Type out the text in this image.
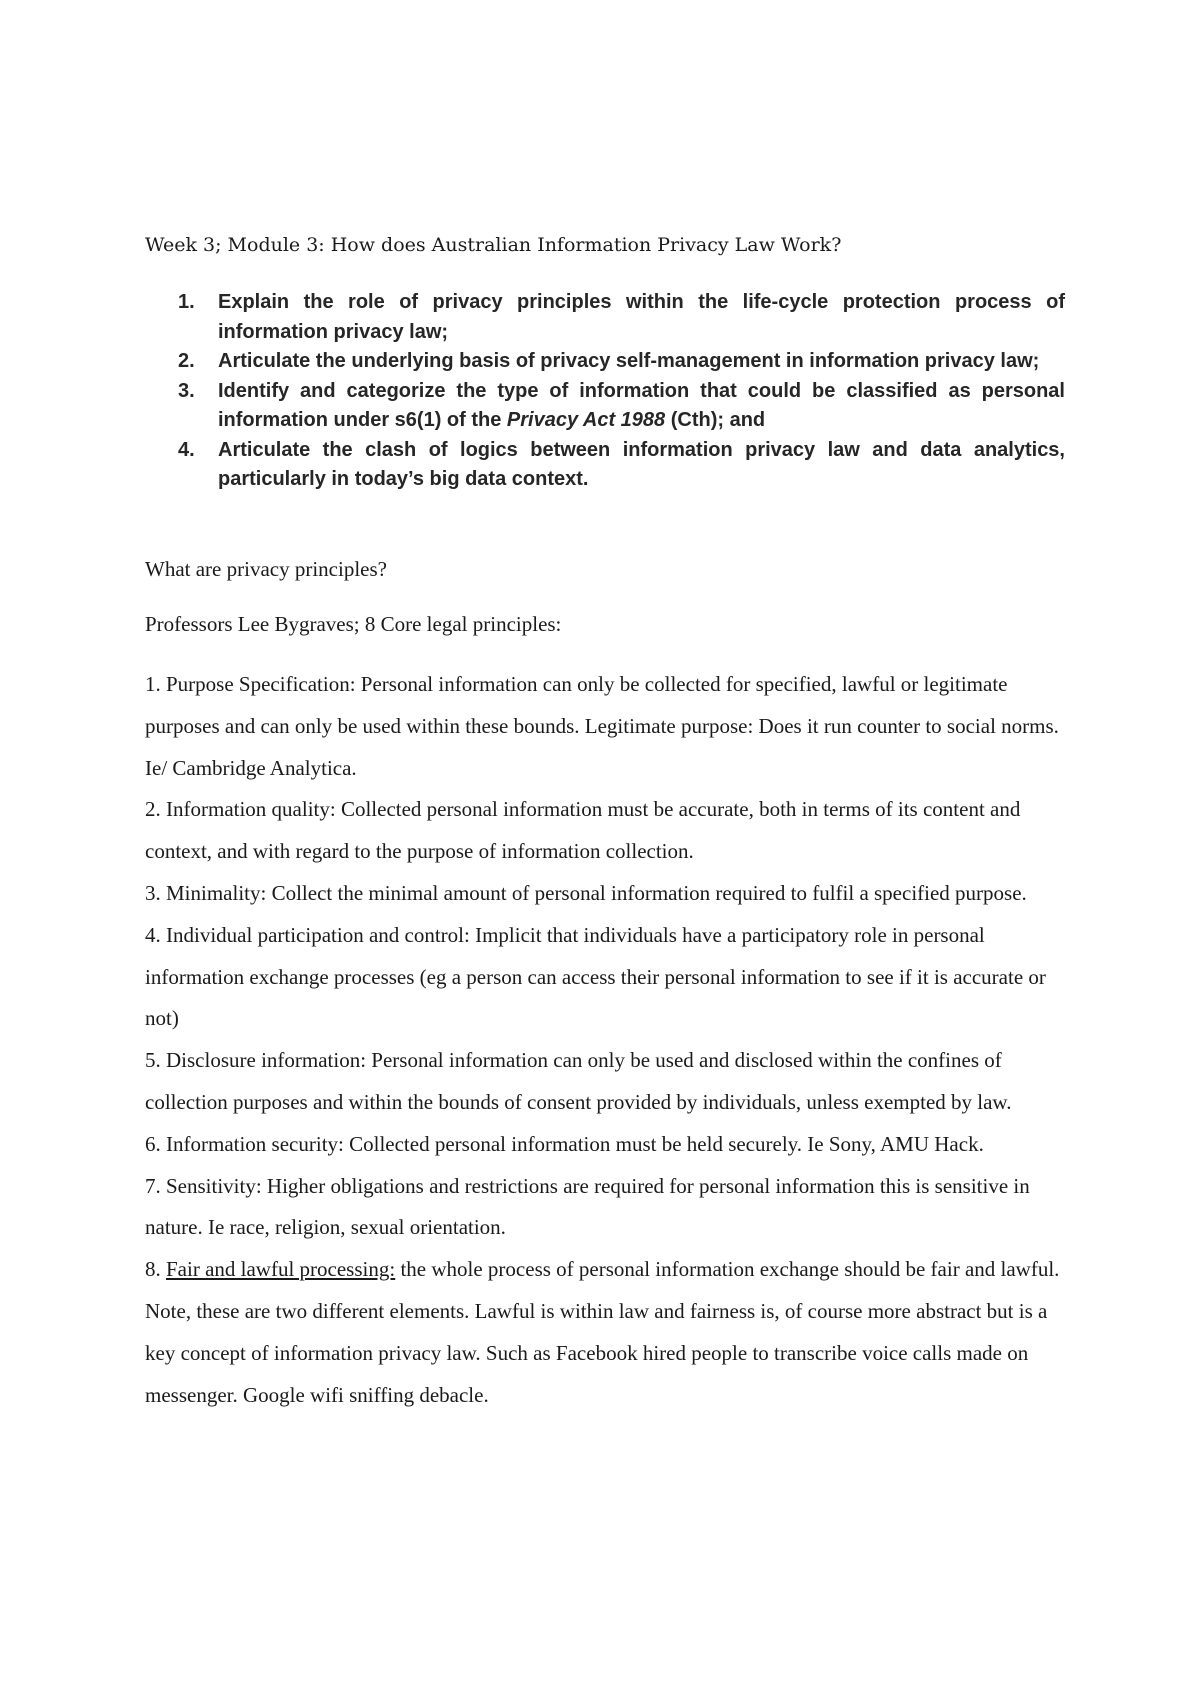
Week 3; Module 3: How does Australian Information Privacy Law Work?
1. Explain the role of privacy principles within the life-cycle protection process of information privacy law;
2. Articulate the underlying basis of privacy self-management in information privacy law;
3. Identify and categorize the type of information that could be classified as personal information under s6(1) of the Privacy Act 1988 (Cth); and
4. Articulate the clash of logics between information privacy law and data analytics, particularly in today’s big data context.
What are privacy principles?
Professors Lee Bygraves; 8 Core legal principles:

1. Purpose Specification: Personal information can only be collected for specified, lawful or legitimate purposes and can only be used within these bounds. Legitimate purpose: Does it run counter to social norms. Ie/ Cambridge Analytica.

2. Information quality: Collected personal information must be accurate, both in terms of its content and context, and with regard to the purpose of information collection.

3. Minimality: Collect the minimal amount of personal information required to fulfil a specified purpose.

4. Individual participation and control: Implicit that individuals have a participatory role in personal information exchange processes (eg a person can access their personal information to see if it is accurate or not)

5. Disclosure information: Personal information can only be used and disclosed within the confines of collection purposes and within the bounds of consent provided by individuals, unless exempted by law.

6. Information security: Collected personal information must be held securely. Ie Sony, AMU Hack.

7. Sensitivity: Higher obligations and restrictions are required for personal information this is sensitive in nature. Ie race, religion, sexual orientation.

8. Fair and lawful processing: the whole process of personal information exchange should be fair and lawful. Note, these are two different elements. Lawful is within law and fairness is, of course more abstract but is a key concept of information privacy law. Such as Facebook hired people to transcribe voice calls made on messenger. Google wifi sniffing debacle.
